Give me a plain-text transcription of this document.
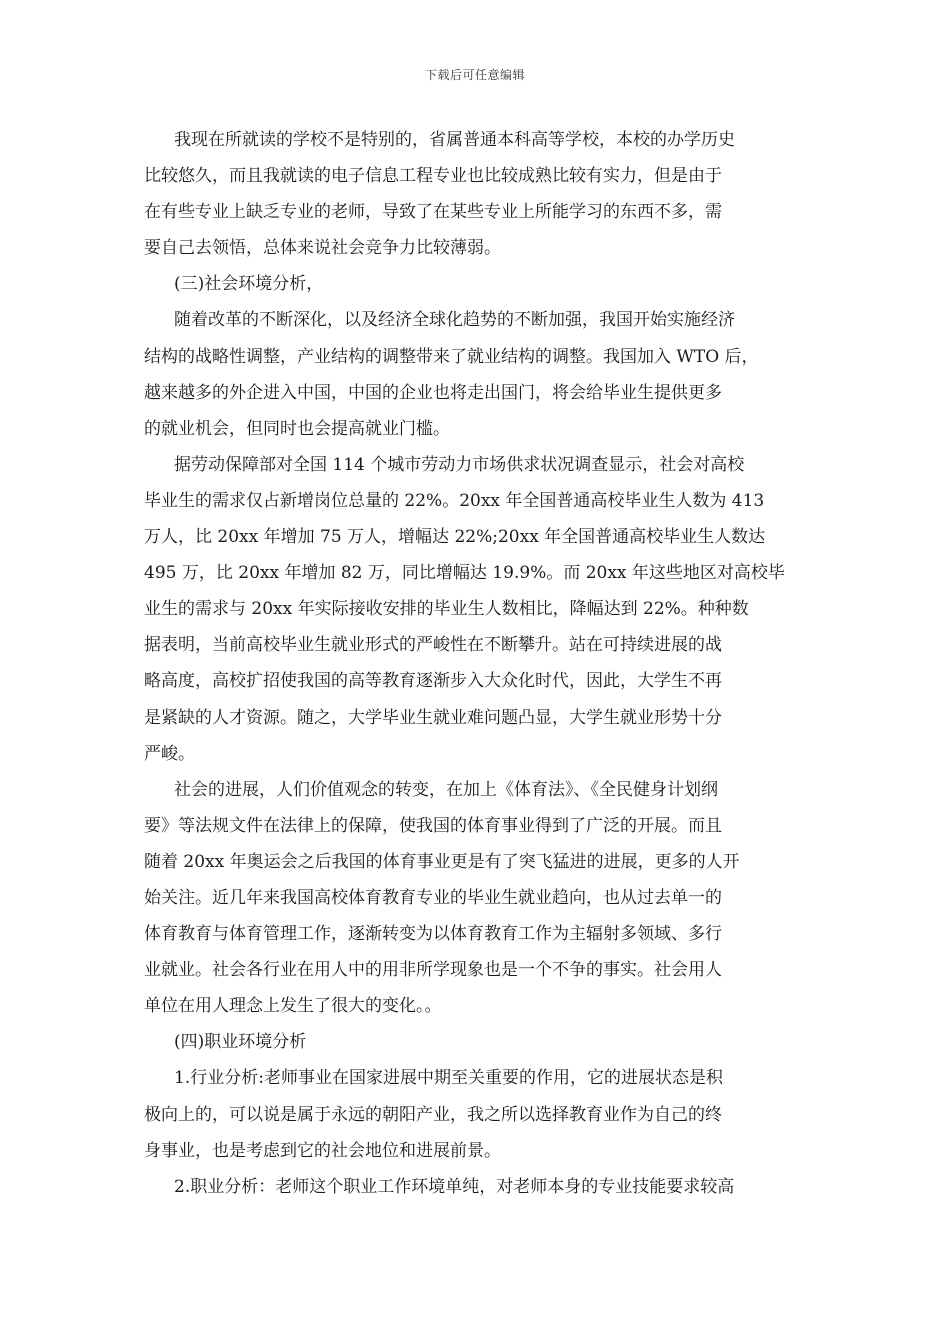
下载后可任意编辑

我现在所就读的学校不是特别的，省属普通本科高等学校，本校的办学历史
比较悠久，而且我就读的电子信息工程专业也比较成熟比较有实力，但是由于
在有些专业上缺乏专业的老师，导致了在某些专业上所能学习的东西不多，需
要自己去领悟，总体来说社会竞争力比较薄弱。

(三)社会环境分析，

随着改革的不断深化，以及经济全球化趋势的不断加强，我国开始实施经济
结构的战略性调整，产业结构的调整带来了就业结构的调整。我国加入 WTO 后，
越来越多的外企进入中国，中国的企业也将走出国门，将会给毕业生提供更多
的就业机会，但同时也会提高就业门槛。

据劳动保障部对全国 114 个城市劳动力市场供求状况调查显示，社会对高校
毕业生的需求仅占新增岗位总量的 22%。20xx 年全国普通高校毕业生人数为 413
万人，比 20xx 年增加 75 万人，增幅达 22%;20xx 年全国普通高校毕业生人数达
495 万，比 20xx 年增加 82 万，同比增幅达 19.9%。而 20xx 年这些地区对高校毕
业生的需求与 20xx 年实际接收安排的毕业生人数相比，降幅达到 22%。种种数
据表明，当前高校毕业生就业形式的严峻性在不断攀升。站在可持续进展的战
略高度，高校扩招使我国的高等教育逐渐步入大众化时代，因此，大学生不再
是紧缺的人才资源。随之，大学毕业生就业难问题凸显，大学生就业形势十分
严峻。

社会的进展，人们价值观念的转变，在加上《体育法》、《全民健身计划纲
要》等法规文件在法律上的保障，使我国的体育事业得到了广泛的开展。而且
随着 20xx 年奥运会之后我国的体育事业更是有了突飞猛进的进展，更多的人开
始关注。近几年来我国高校体育教育专业的毕业生就业趋向，也从过去单一的
体育教育与体育管理工作，逐渐转变为以体育教育工作为主辐射多领域、多行
业就业。社会各行业在用人中的用非所学现象也是一个不争的事实。社会用人
单位在用人理念上发生了很大的变化。。

(四)职业环境分析

1.行业分析:老师事业在国家进展中期至关重要的作用，它的进展状态是积
极向上的，可以说是属于永远的朝阳产业，我之所以选择教育业作为自己的终
身事业，也是考虑到它的社会地位和进展前景。

2.职业分析：老师这个职业工作环境单纯，对老师本身的专业技能要求较高
